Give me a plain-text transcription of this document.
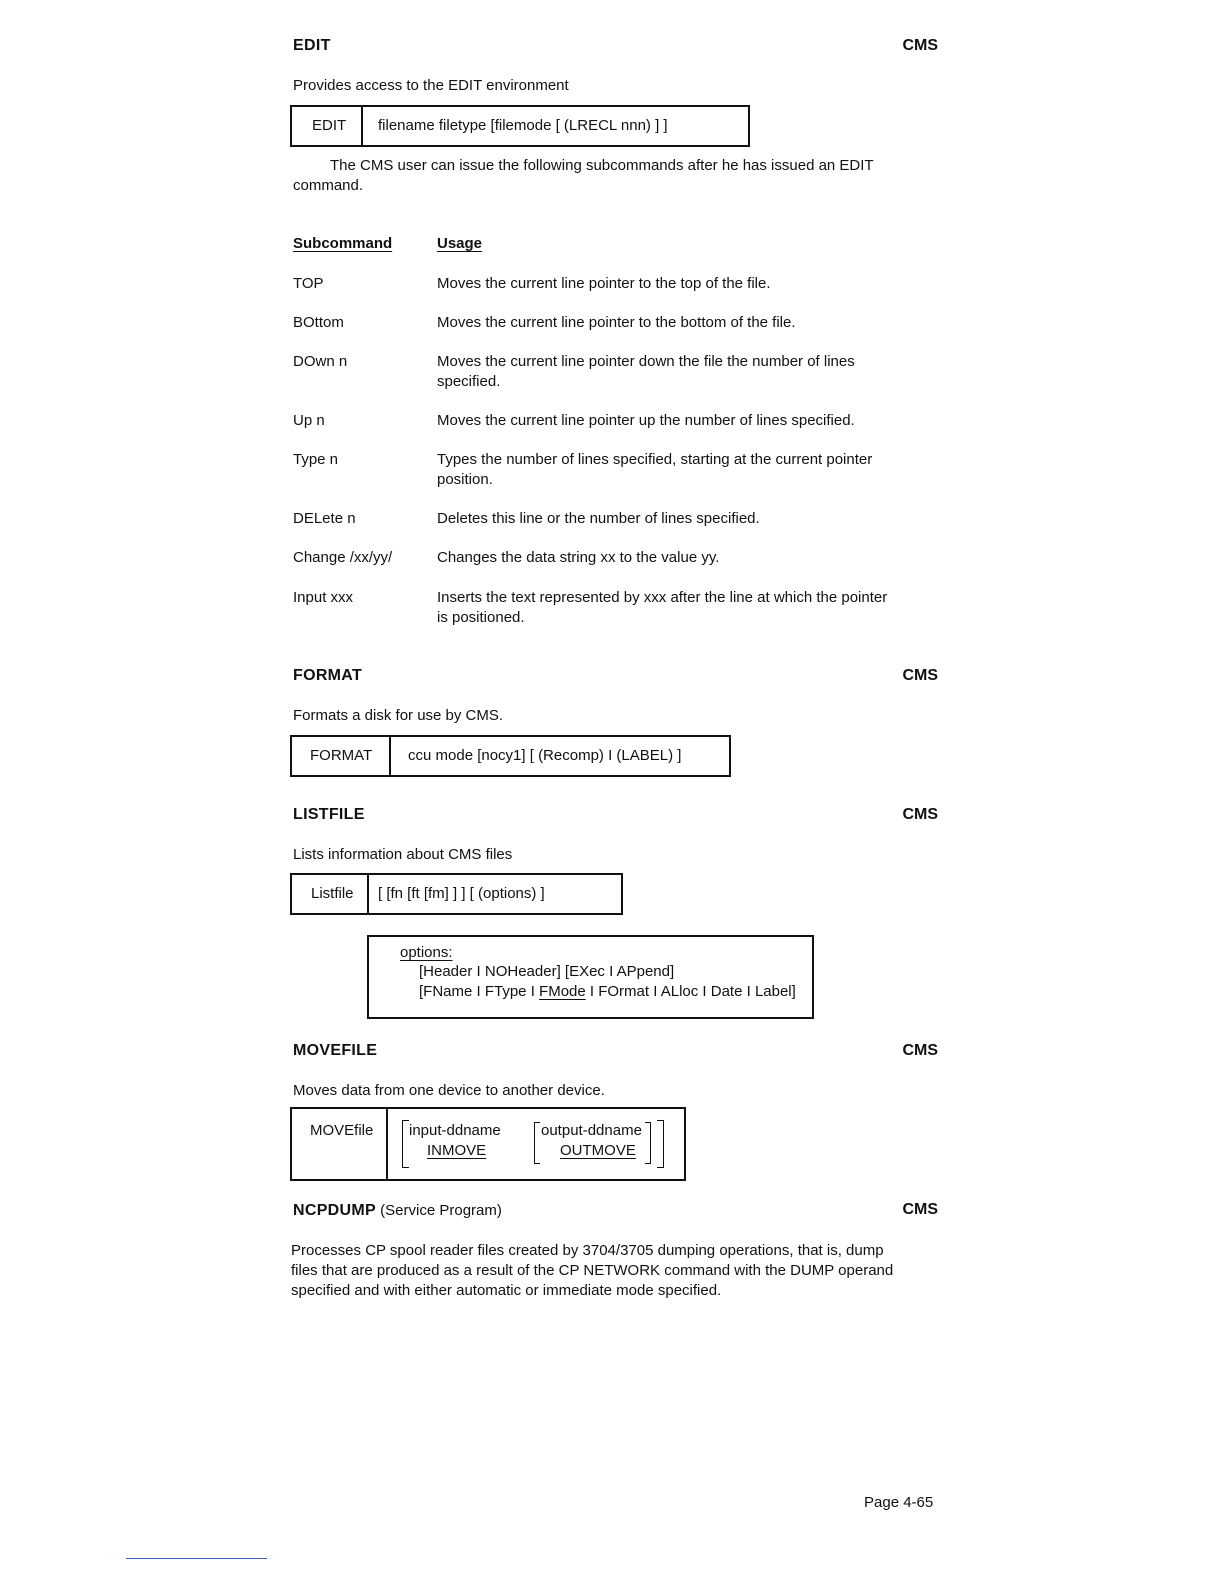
EDIT	CMS
Provides access to the EDIT environment
EDIT filename filetype [filemode [ (LRECL nnn) ] ]
The CMS user can issue the following subcommands after he has issued an EDIT
command.
Subcommand	Usage
TOP	Moves the current line pointer to the top of the file.
BOttom	Moves the current line pointer to the bottom of the file.
DOwn n	Moves the current line pointer down the file the number of lines
specified.
Up n	Moves the current line pointer up the number of lines specified.
Type n	Types the number of lines specified, starting at the current pointer
position.
DELete n	Deletes this line or the number of lines specified.
Change /xx/yy/	Changes the data string xx to the value yy.
Input xxx	Inserts the text represented by xxx after the line at which the pointer
is positioned.
FORMAT	CMS
Formats a disk for use by CMS.
FORMAT ccu mode [nocy1] [ (Recomp) I (LABEL) ]
LISTFILE	CMS
Lists information about CMS files
Listfile [ [fn [ft [fm] ] ] [ (options) ]
options:
[Header I NOHeader] [EXec I APpend]
[FName I FType I FMode I FOrmat I ALloc I Date I Label]
MOVEFILE	CMS
Moves data from one device to another device.
MOVEfile input-ddname
INMOVE
output-ddname
OUTMOVE
NCPDUMP (Service Program)	CMS
Processes CP spool reader files created by 3704/3705 dumping operations, that is, dump
files that are produced as a result of the CP NETWORK command with the DUMP operand
specified and with either automatic or immediate mode specified.
Page 4-65
